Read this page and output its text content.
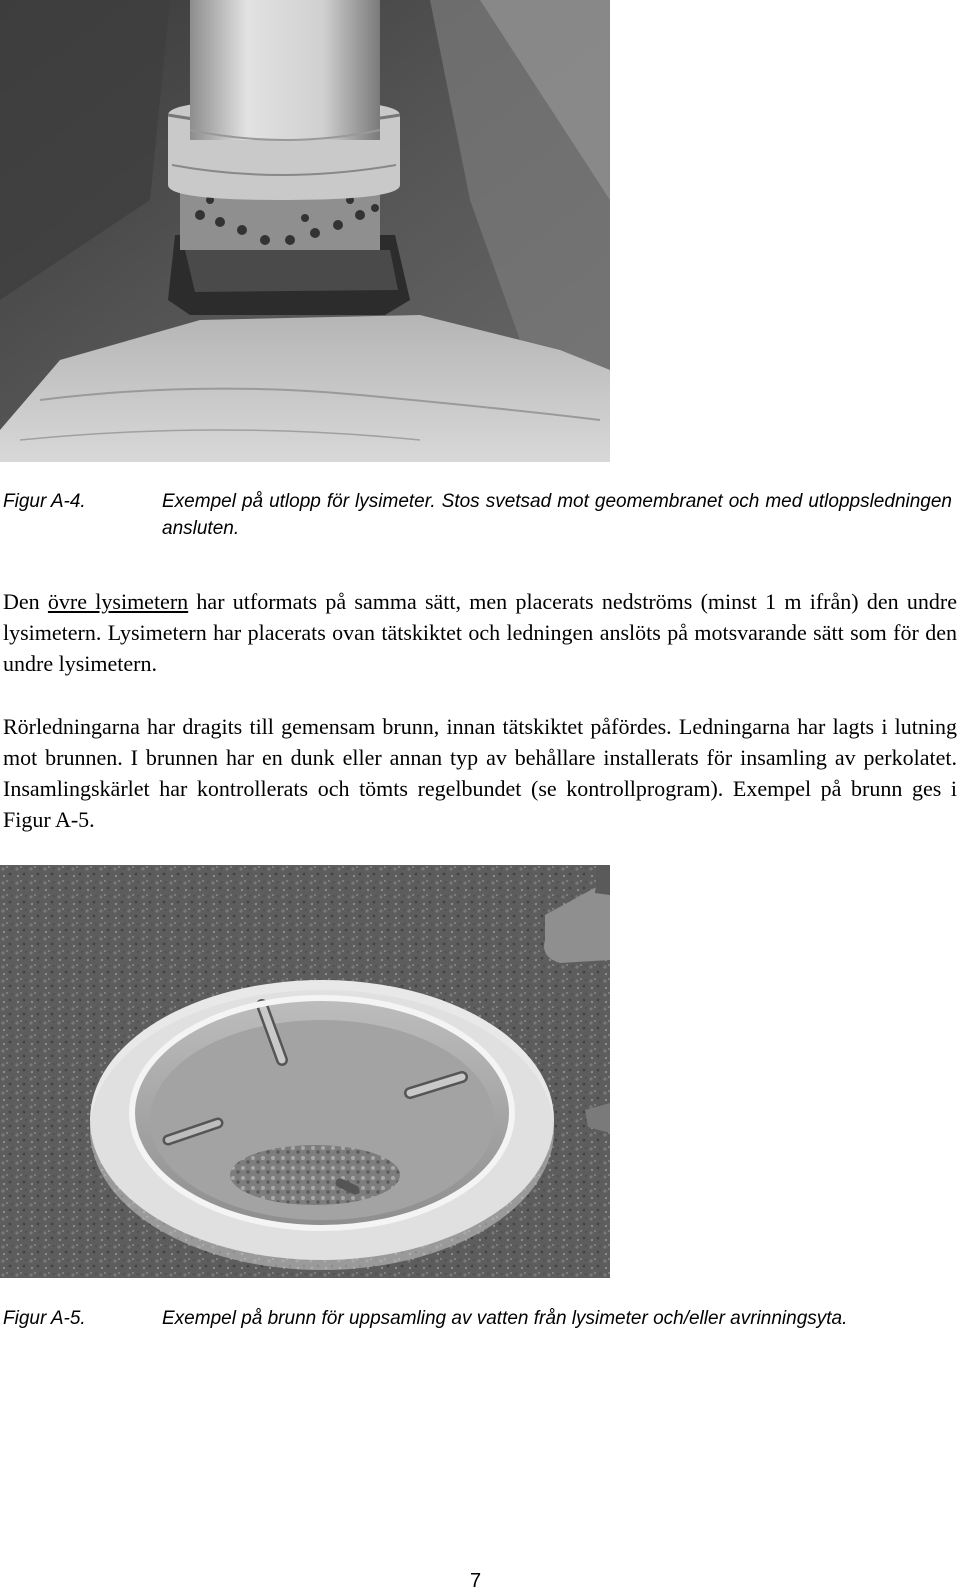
Figur A-4.	Exempel på utlopp för lysimeter. Stos svetsad mot geomembranet och med utloppsledningen ansluten.

Den övre lysimetern har utformats på samma sätt, men placerats nedströms (minst 1 m ifrån) den undre lysimetern. Lysimetern har placerats ovan tätskiktet och ledningen anslöts på motsvarande sätt som för den undre lysimetern.

Rörledningarna har dragits till gemensam brunn, innan tätskiktet påfördes. Ledningarna har lagts i lutning mot brunnen. I brunnen har en dunk eller annan typ av behållare installerats för insamling av perkolatet. Insamlingskärlet har kontrollerats och tömts regelbundet (se kontrollprogram). Exempel på brunn ges i Figur A-5.

Figur A-5.	Exempel på brunn för uppsamling av vatten från lysimeter och/eller avrinningsyta.
7
